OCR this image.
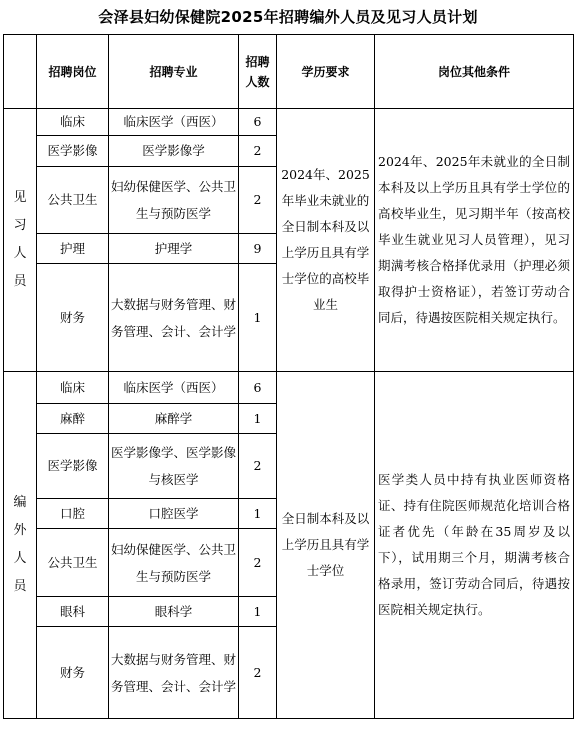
会泽县妇幼保健院2025年招聘编外人员及见习人员计划
	招聘岗位	招聘专业	招聘
人数	学历要求	岗位其他条件

见
习
人
员	临床	临床医学（西医）	6	2024年、2025年毕业未就业的全日制本科及以上学历且具有学士学位的高校毕业生	2024年、2025年未就业的全日制本科及以上学历且具有学士学位的高校毕业生，见习期半年（按高校毕业生就业见习人员管理），见习期满考核合格择优录用（护理必须取得护士资格证），若签订劳动合同后，待遇按医院相关规定执行。
	医学影像	医学影像学	2		
	公共卫生	妇幼保健医学、公共卫生与预防医学	2		
	护理	护理学	9		
	财务	大数据与财务管理、财务管理、会计、会计学	1		

编
外
人
员	临床	临床医学（西医）	6	全日制本科及以上学历且具有学士学位	医学类人员中持有执业医师资格证、持有住院医师规范化培训合格证者优先（年龄在35周岁及以下），试用期三个月，期满考核合格录用，签订劳动合同后，待遇按医院相关规定执行。
	麻醉	麻醉学	1		
	医学影像	医学影像学、医学影像与核医学	2		
	口腔	口腔医学	1		
	公共卫生	妇幼保健医学、公共卫生与预防医学	2		
	眼科	眼科学	1		
	财务	大数据与财务管理、财务管理、会计、会计学	2		
